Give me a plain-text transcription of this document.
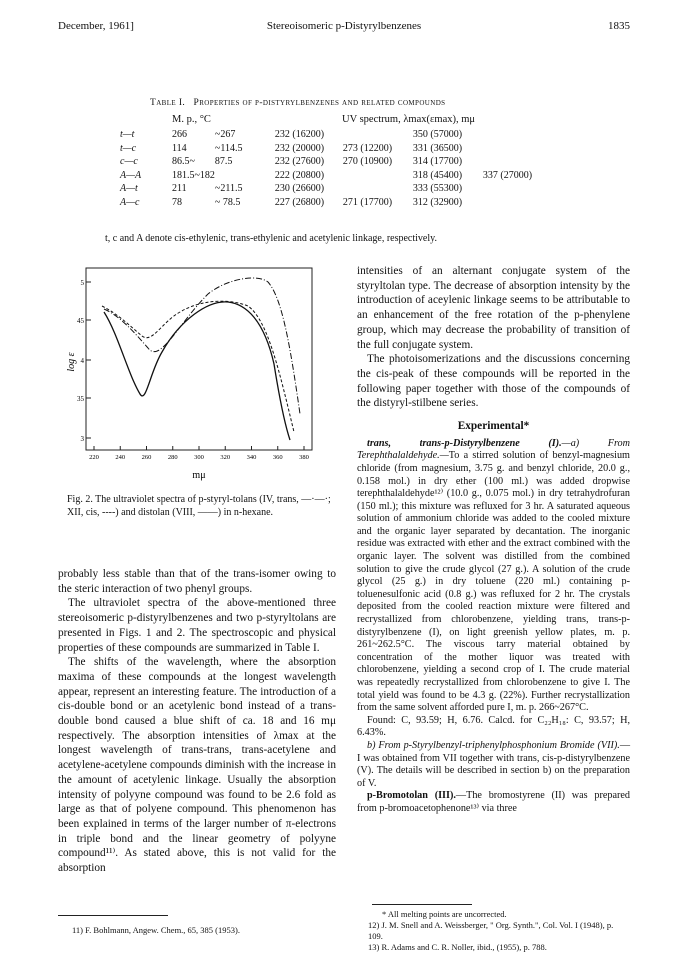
December, 1961]	Stereoisomeric p-Distyrylbenzenes	1835
Table I. Properties of p-distyrylbenzenes and related compounds
M. p., °C	UV spectrum, λmax(εmax), mμ
t—t	266	~267	232 (16200)		350 (57000)	
t—c	114	~114.5	232 (20000)	273 (12200)	331 (36500)	
c—c	86.5~	87.5	232 (27600)	270 (10900)	314 (17700)	
A—A	181.5~182		222 (20800)		318 (45400)	337 (27000)
A—t	211	~211.5	230 (26600)		333 (55300)	
A—c	78	~ 78.5	227 (26800)	271 (17700)	312 (32900)	
t, c and A denote cis-ethylenic, trans-ethylenic and acetylenic linkage, respectively.
5
45
4
35
3
220	240	260	280	300	320	340	360	380
log ε
mμ

Fig. 2. The ultraviolet spectra of p-styryl-tolans (IV, trans, —·—·; XII, cis, ----) and distolan (VIII, ——) in n-hexane.

probably less stable than that of the trans-isomer owing to the steric interaction of two phenyl groups.

The ultraviolet spectra of the above-mentioned three stereoisomeric p-distyrylbenzenes and two p-styryltolans are presented in Figs. 1 and 2. The spectroscopic and physical properties of these compounds are summarized in Table I.

The shifts of the wavelength, where the absorption maxima of these compounds at the longest wavelength appear, represent an interesting feature. The introduction of a cis-double bond or an acetylenic bond instead of a trans-double bond caused a blue shift of ca. 18 and 16 mμ respectively. The absorption intensities of λmax at the longest wavelength of trans-trans, trans-acetylene and acetylene-acetylene compounds diminish with the increase in the amount of acetylenic linkage. Usually the absorption intensity of polyyne compound was found to be 2.6 fold as large as that of polyene compound. This phenomenon has been explained in terms of the larger number of π-electrons in triple bond and the linear geometry of polyyne compound¹¹⁾. As stated above, this is not valid for the absorption

11) F. Bohlmann, Angew. Chem., 65, 385 (1953).

intensities of an alternant conjugate system of the styryltolan type. The decrease of absorption intensity by the introduction of aceylenic linkage seems to be attributable to an enhancement of the free rotation of the p-phenylene group, which may decrease the probability of transition of the full conjugate system.

The photoisomerizations and the discussions concerning the cis-peak of these compounds will be reported in the following paper together with those of the compounds of the distyryl-stilbene series.

Experimental*

trans, trans-p-Distyrylbenzene (I).—a) From Terephthalaldehyde.—To a stirred solution of benzyl-magnesium chloride (from magnesium, 3.75 g. and benzyl chloride, 20.0 g., 0.158 mol.) in dry ether (100 ml.) was added dropwise terephthalaldehyde¹²⁾ (10.0 g., 0.075 mol.) in dry tetrahydrofuran (150 ml.); this mixture was refluxed for 3 hr. A saturated aqueous solution of ammonium chloride was added to the cooled mixture and the organic layer separated by decantation. The inorganic residue was extracted with ether and the extract combined with the organic layer. The solvent was distilled from the combined solution to give the crude glycol (27 g.). A solution of the crude glycol (25 g.) in dry toluene (220 ml.) containing p-toluenesulfonic acid (0.8 g.) was refluxed for 2 hr. The crystals deposited from the cooled reaction mixture were filtered and recrystallized from chlorobenzene, yielding trans, trans-p-distyrylbenzene (I), on light greenish yellow plates, m. p. 261~262.5°C. The viscous tarry material obtained by concentration of the mother liquor was treated with chlorobenzene, yielding a second crop of I. The crude material was repeatedly recrystallized from chlorobenzene to give I. The total yield was found to be 4.3 g. (22%). Further recrystallization from the same solvent afforded pure I, m. p. 266~267°C.

Found: C, 93.59; H, 6.76. Calcd. for C₂₂H₁₈: C, 93.57; H, 6.43%.

b) From p-Styrylbenzyl-triphenylphosphonium Bromide (VII).—I was obtained from VII together with trans, cis-p-distyrylbenzene (V). The details will be described in section b) on the preparation of V.

p-Bromotolan (III).—The bromostyrene (II) was prepared from p-bromoacetophenone¹³⁾ via three

* All melting points are uncorrected.
12) J. M. Snell and A. Weissberger, " Org. Synth.", Col. Vol. I (1948), p. 109.
13) R. Adams and C. R. Noller, ibid., (1955), p. 788.
